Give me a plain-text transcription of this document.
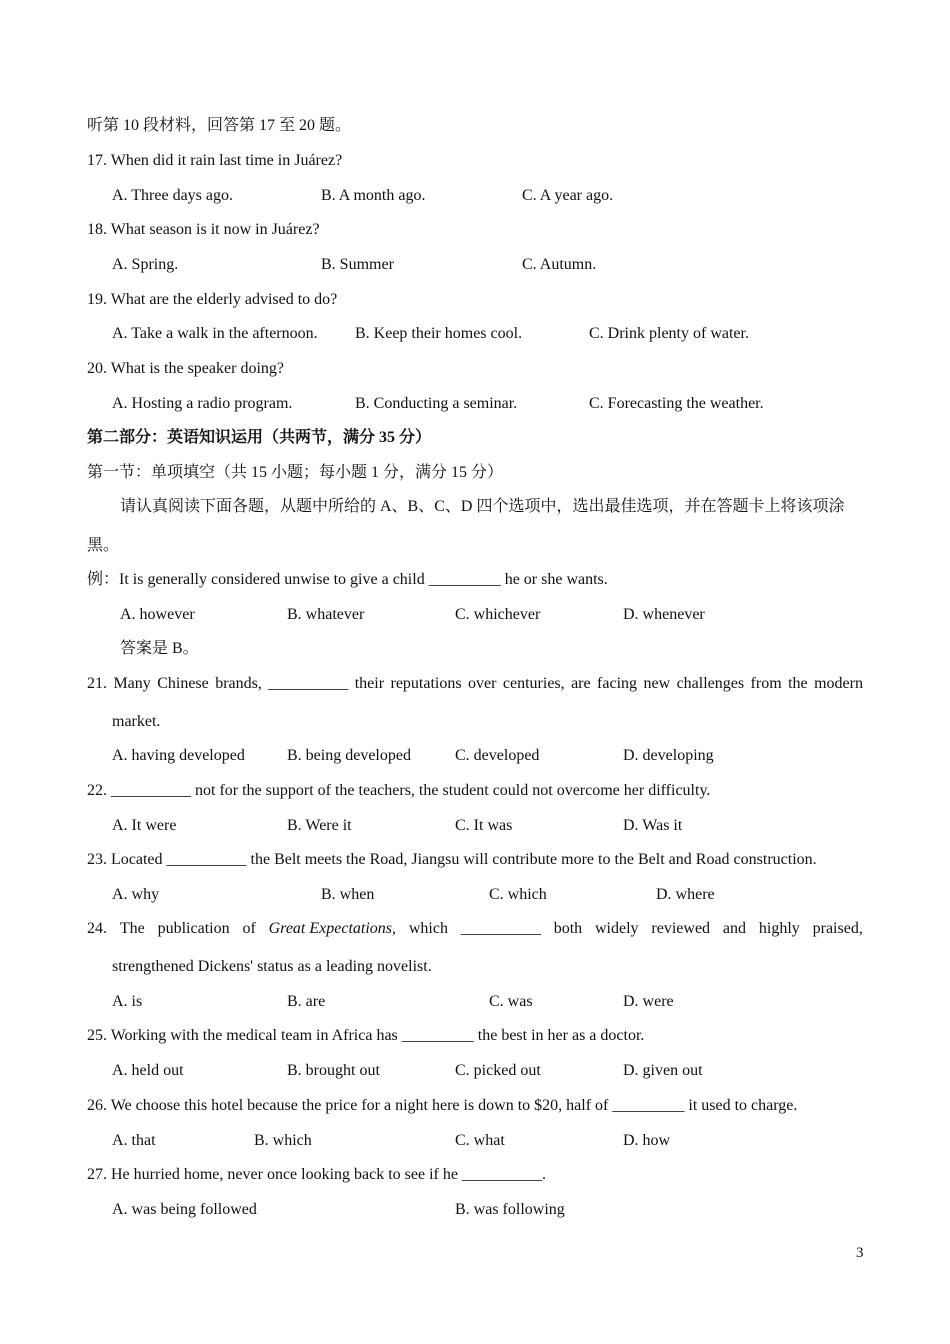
听第 10 段材料，回答第 17 至 20 题。
17. When did it rain last time in Juárez?
A. Three days ago.	B. A month ago.	C. A year ago.
18. What season is it now in Juárez?
A. Spring.	B. Summer	C. Autumn.
19. What are the elderly advised to do?
A. Take a walk in the afternoon. B. Keep their homes cool.	C. Drink plenty of water.
20. What is the speaker doing?
A. Hosting a radio program.	B. Conducting a seminar.	C. Forecasting the weather.
第二部分：英语知识运用（共两节，满分 35 分）
第一节：单项填空（共 15 小题；每小题 1 分，满分 15 分）
请认真阅读下面各题，从题中所给的 A、B、C、D 四个选项中，选出最佳选项，并在答题卡上将该项涂
黑。
例：It is generally considered unwise to give a child _________ he or she wants.
A. however	B. whatever	C. whichever	D. whenever
答案是 B。
21. Many Chinese brands, __________ their reputations over centuries, are facing new challenges from the modern
market.
A. having developed	B. being developed	C. developed	D. developing
22. __________ not for the support of the teachers, the student could not overcome her difficulty.
A. It were	B. Were it	C. It was	D. Was it
23. Located __________ the Belt meets the Road, Jiangsu will contribute more to the Belt and Road construction.
A. why	B. when	C. which	D. where
24. The publication of Great Expectations, which __________ both widely reviewed and highly praised,
strengthened Dickens' status as a leading novelist.
A. is	B. are	C. was	D. were
25. Working with the medical team in Africa has _________ the best in her as a doctor.
A. held out	B. brought out	C. picked out	D. given out
26. We choose this hotel because the price for a night here is down to $20, half of _________ it used to charge.
A. that	B. which	C. what	D. how
27. He hurried home, never once looking back to see if he __________.
A. was being followed	B. was following
3
